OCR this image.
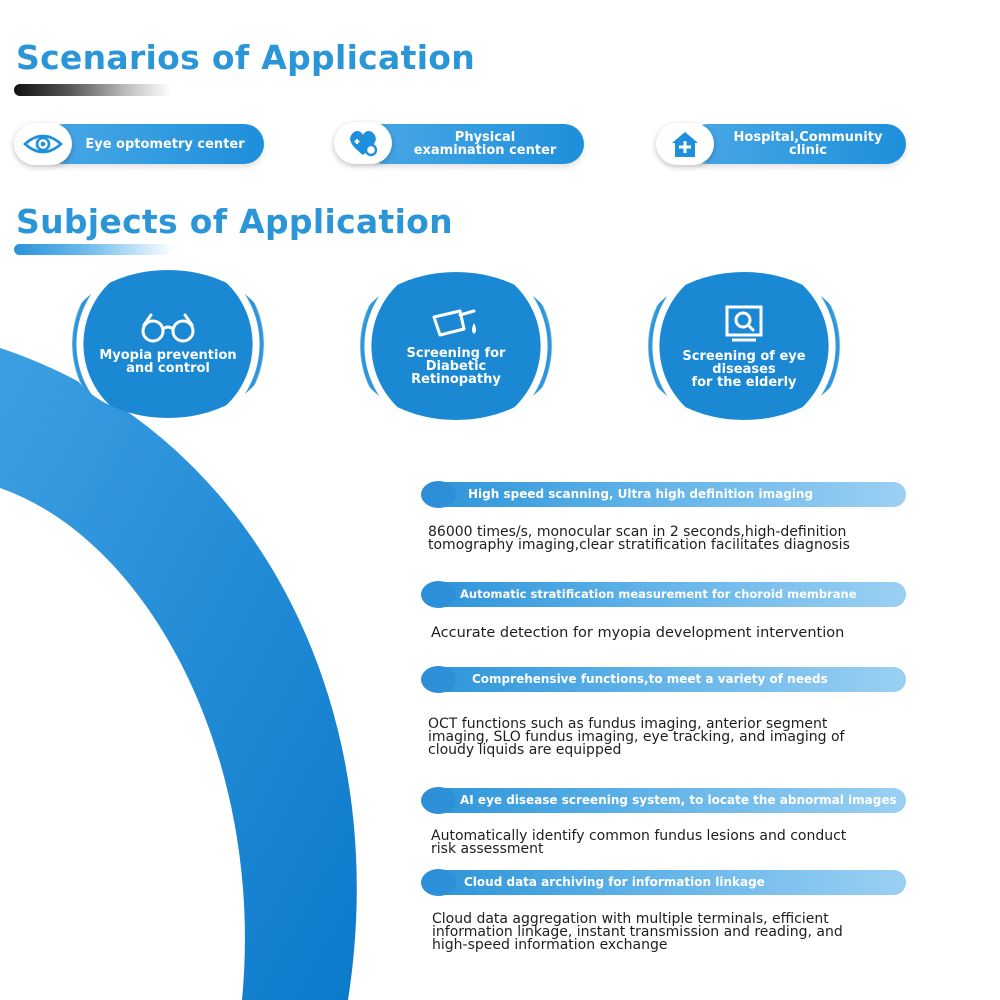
Scenarios of Application
Eye optometry center	Physical
examination center
Hospital,Community
clinic
Subjects of Application
Myopia prevention
and control
Screening for
Diabetic
Retinopathy
Screening of eye
diseases
for the elderly
High speed scanning, Ultra high definition imaging
86000 times/s, monocular scan in 2 seconds,high-definition
tomography imaging,clear stratification facilitates diagnosis
Automatic stratification measurement for choroid membrane
Accurate detection for myopia development intervention
Comprehensive functions,to meet a variety of needs
OCT functions such as fundus imaging, anterior segment
imaging, SLO fundus imaging, eye tracking, and imaging of
cloudy liquids are equipped
AI eye disease screening system, to locate the abnormal images
Automatically identify common fundus lesions and conduct
risk assessment
Cloud data archiving for information linkage
Cloud data aggregation with multiple terminals, efficient
information linkage, instant transmission and reading, and
high-speed information exchange
